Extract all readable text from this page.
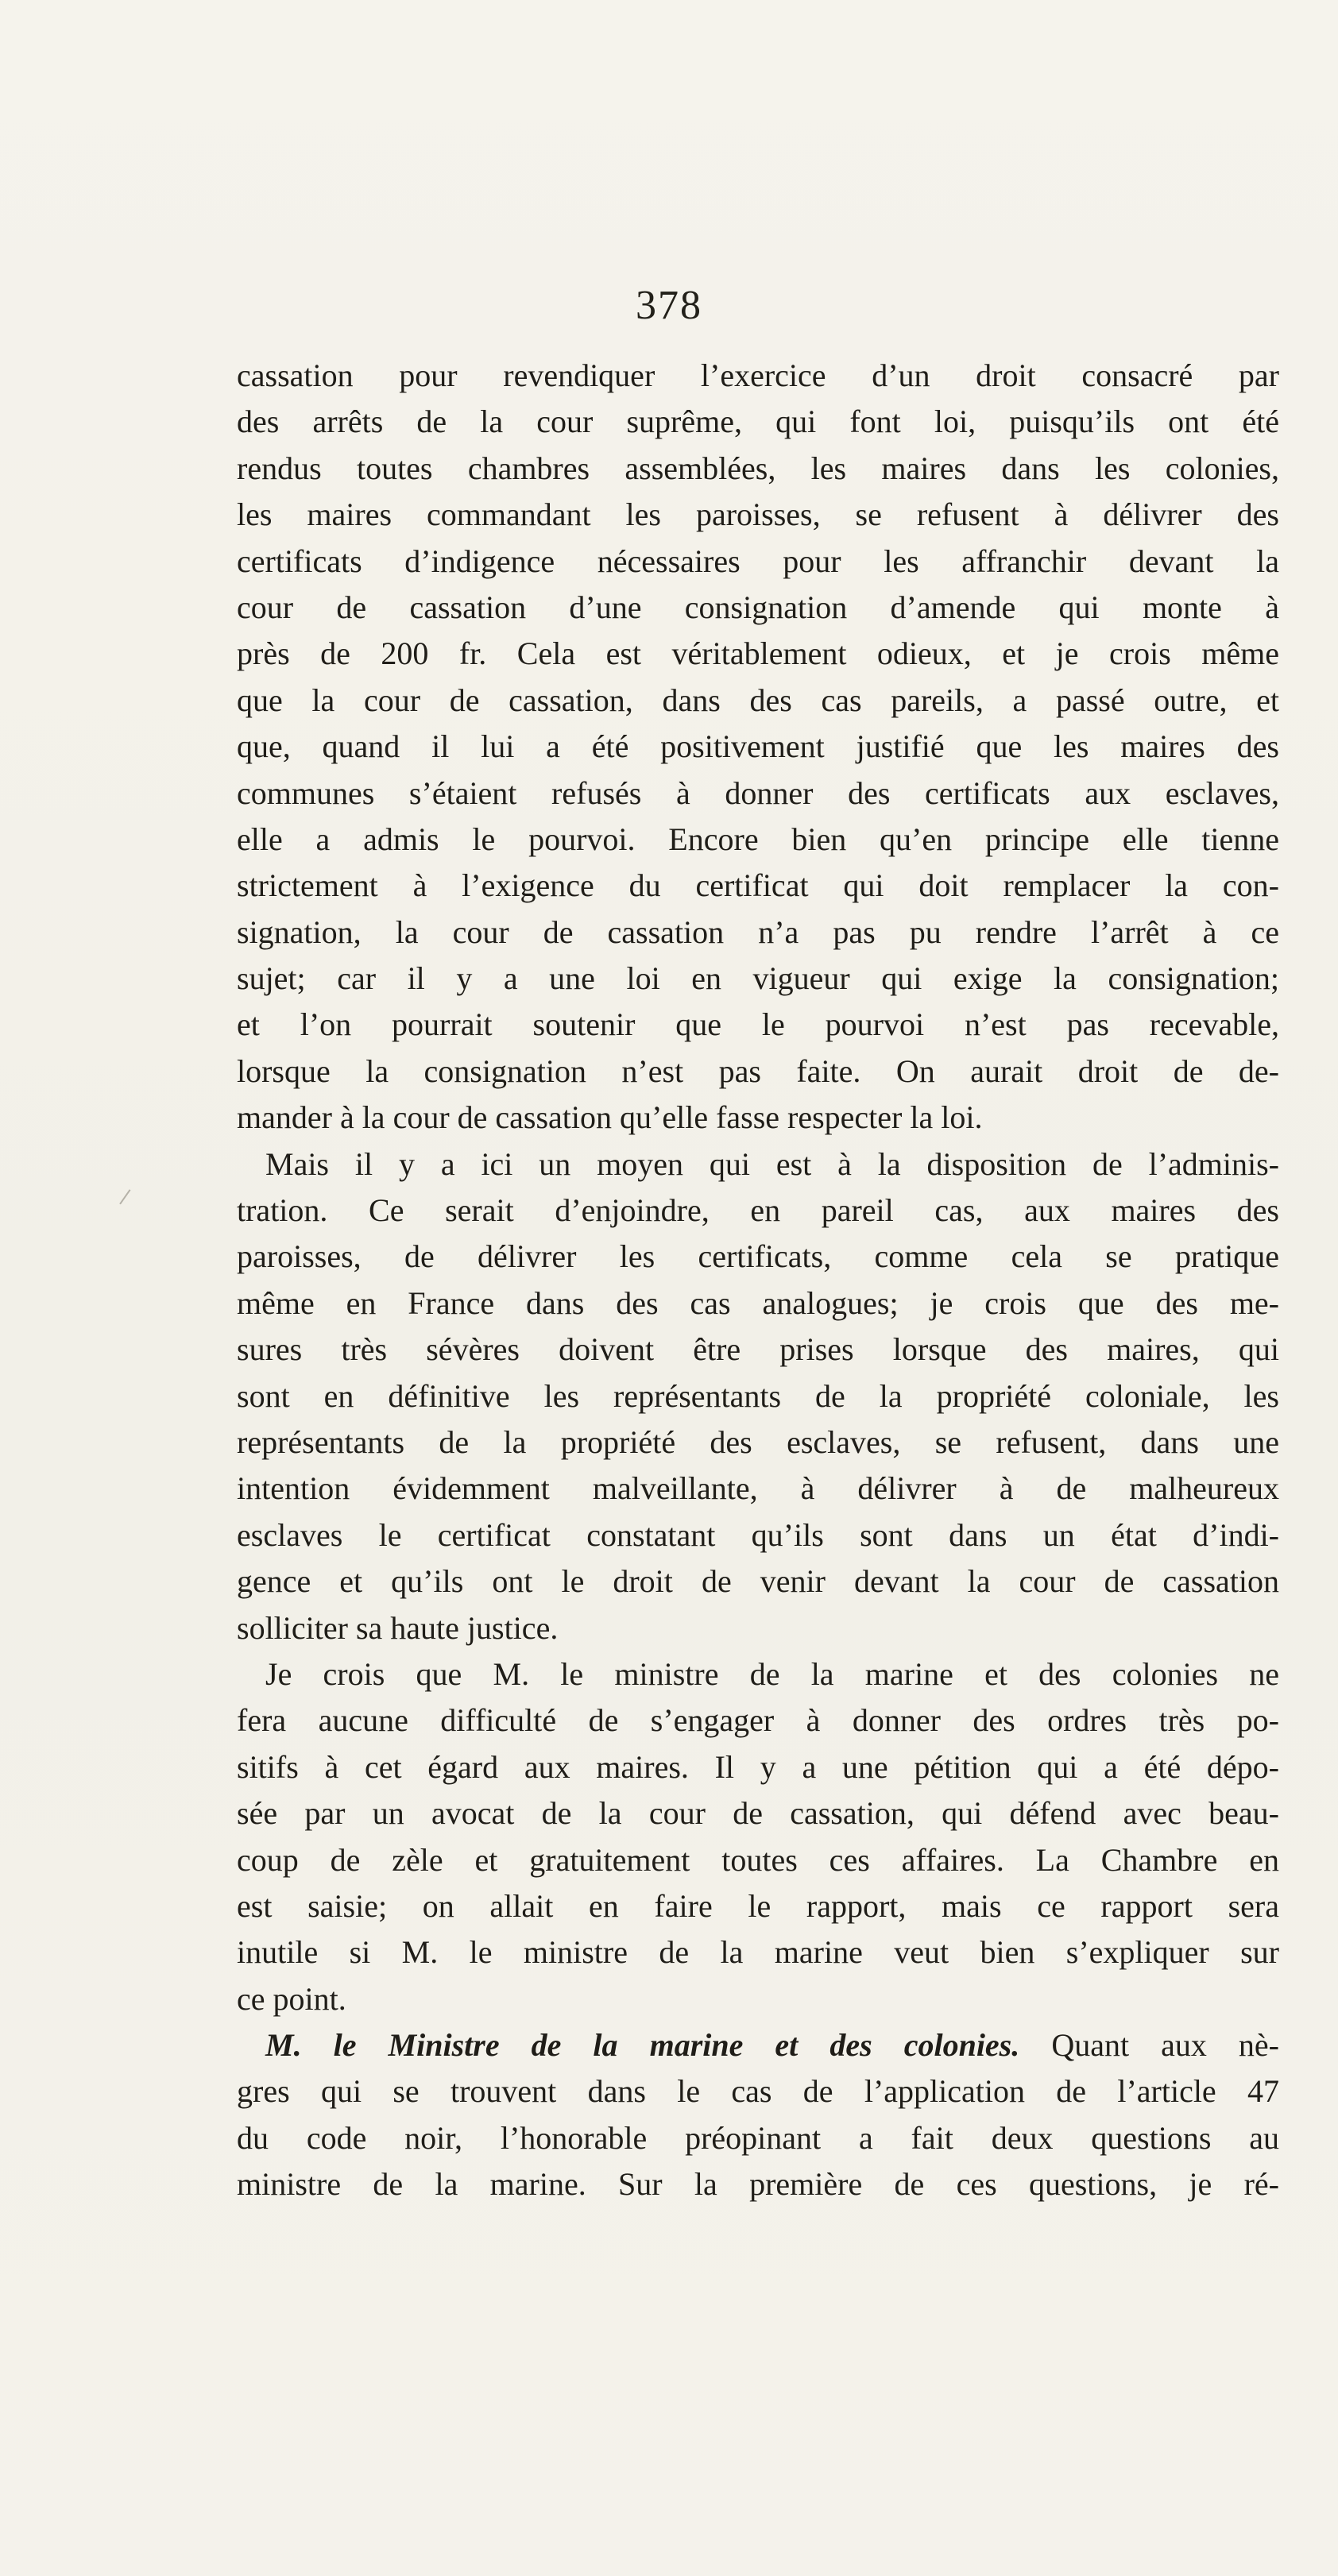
378
cassation pour revendiquer l’exercice d’un droit consacré par
des arrêts de la cour suprême, qui font loi, puisqu’ils ont été
rendus toutes chambres assemblées, les maires dans les colonies,
les maires commandant les paroisses, se refusent à délivrer des
certificats d’indigence nécessaires pour les affranchir devant la
cour de cassation d’une consignation d’amende qui monte à
près de 200 fr. Cela est véritablement odieux, et je crois même
que la cour de cassation, dans des cas pareils, a passé outre, et
que, quand il lui a été positivement justifié que les maires des
communes s’étaient refusés à donner des certificats aux esclaves,
elle a admis le pourvoi. Encore bien qu’en principe elle tienne
strictement à l’exigence du certificat qui doit remplacer la con-
signation, la cour de cassation n’a pas pu rendre l’arrêt à ce
sujet; car il y a une loi en vigueur qui exige la consignation;
et l’on pourrait soutenir que le pourvoi n’est pas recevable,
lorsque la consignation n’est pas faite. On aurait droit de de-
mander à la cour de cassation qu’elle fasse respecter la loi.
Mais il y a ici un moyen qui est à la disposition de l’adminis-
tration. Ce serait d’enjoindre, en pareil cas, aux maires des
paroisses, de délivrer les certificats, comme cela se pratique
même en France dans des cas analogues; je crois que des me-
sures très sévères doivent être prises lorsque des maires, qui
sont en définitive les représentants de la propriété coloniale, les
représentants de la propriété des esclaves, se refusent, dans une
intention évidemment malveillante, à délivrer à de malheureux
esclaves le certificat constatant qu’ils sont dans un état d’indi-
gence et qu’ils ont le droit de venir devant la cour de cassation
solliciter sa haute justice.
Je crois que M. le ministre de la marine et des colonies ne
fera aucune difficulté de s’engager à donner des ordres très po-
sitifs à cet égard aux maires. Il y a une pétition qui a été dépo-
sée par un avocat de la cour de cassation, qui défend avec beau-
coup de zèle et gratuitement toutes ces affaires. La Chambre en
est saisie; on allait en faire le rapport, mais ce rapport sera
inutile si M. le ministre de la marine veut bien s’expliquer sur
ce point.
M. le Ministre de la marine et des colonies. Quant aux nè-
gres qui se trouvent dans le cas de l’application de l’article 47
du code noir, l’honorable préopinant a fait deux questions au
ministre de la marine. Sur la première de ces questions, je ré-
